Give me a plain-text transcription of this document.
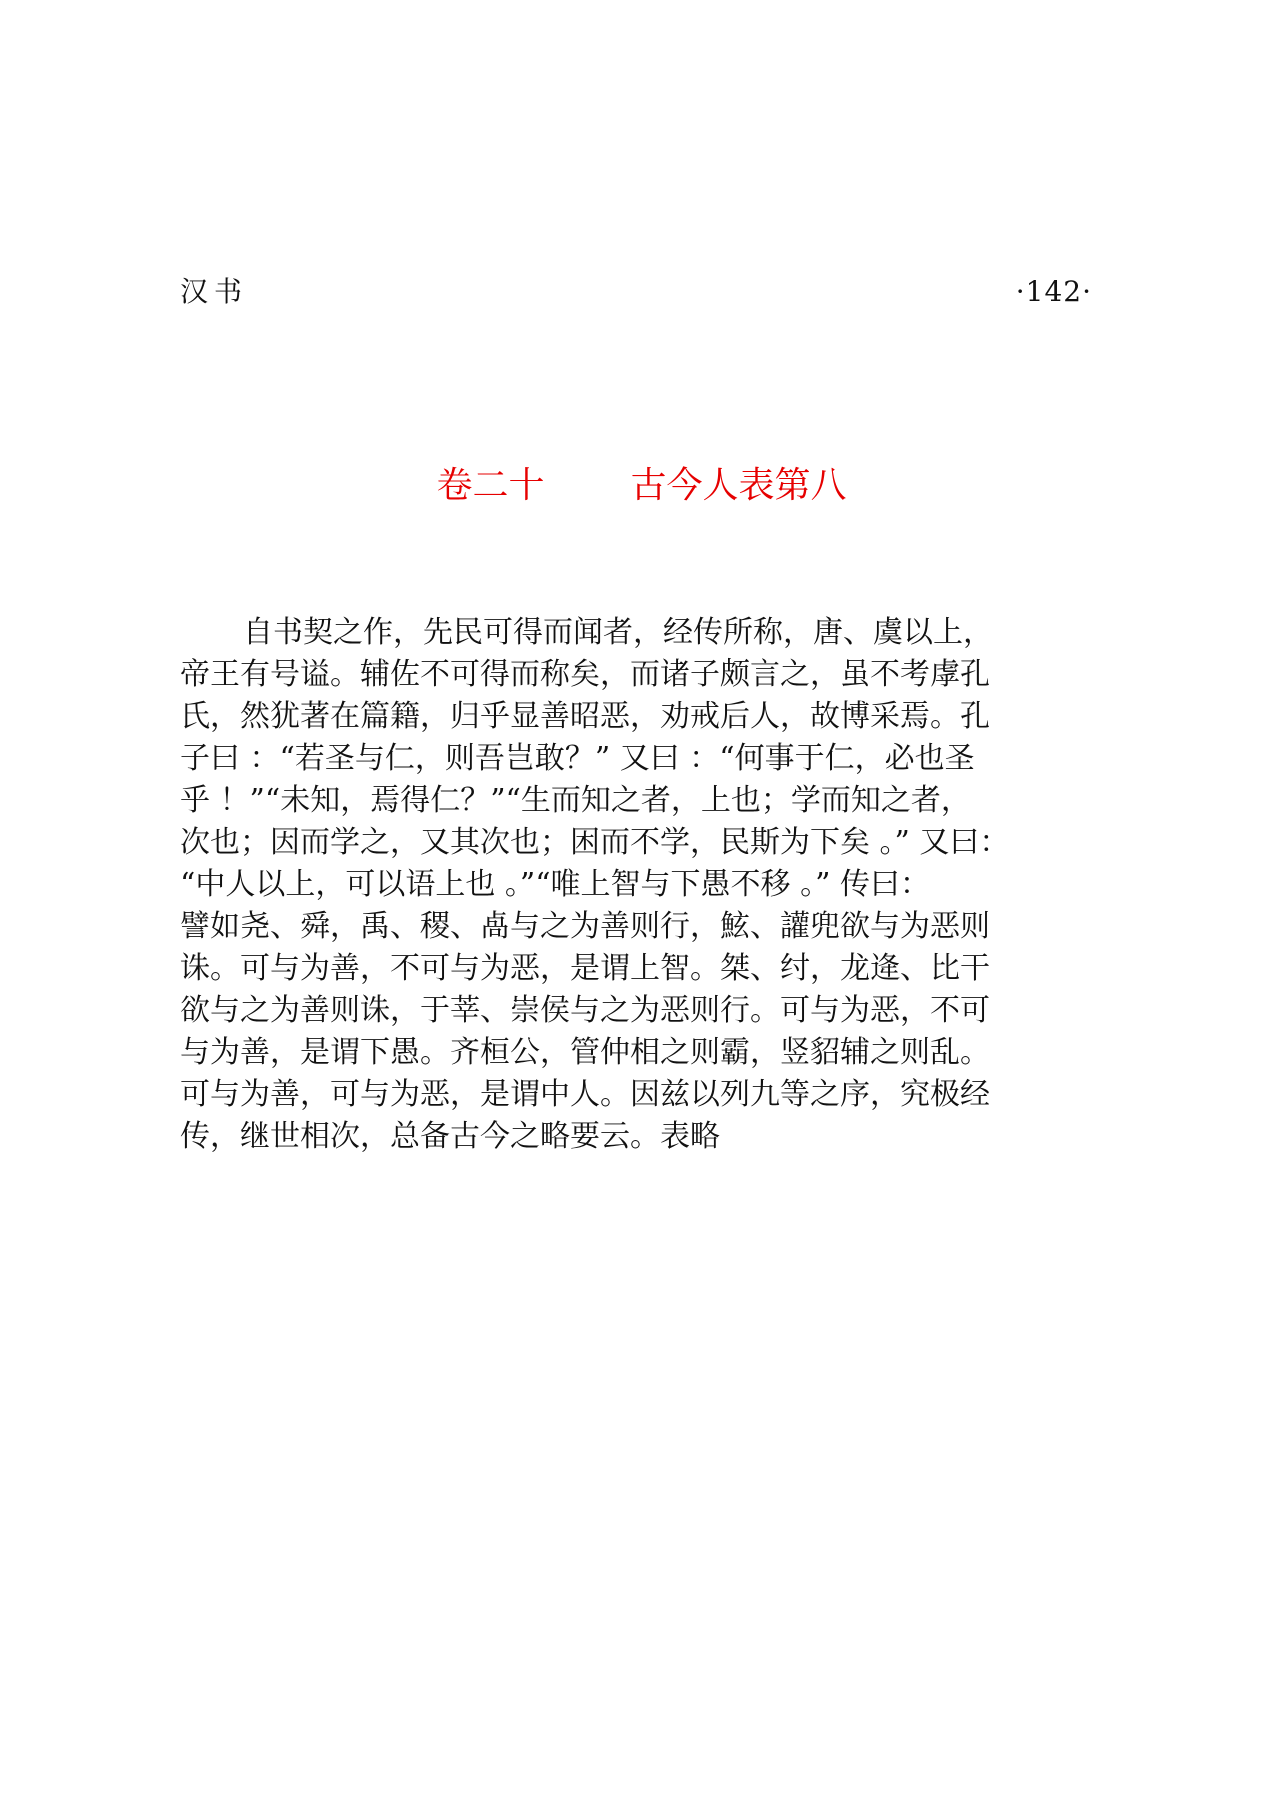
汉书	·142·
卷二十 古今人表第八
自书契之作，先民可得而闻者，经传所称，唐、虞以上，
帝王有号谥。辅佐不可得而称矣，而诸子颇言之，虽不考虖孔
氏，然犹著在篇籍，归乎显善昭恶，劝戒后人，故博采焉。孔
子曰 ：“若圣与仁，则吾岂敢？” 又曰 ：“何事于仁，必也圣
乎 ！”“未知，焉得仁？”“生而知之者，上也；学而知之者，
次也；因而学之，又其次也；困而不学，民斯为下矣 。” 又曰：
“中人以上，可以语上也 。”“唯上智与下愚不移 。” 传曰：
譬如尧、舜，禹、稷、卨与之为善则行，鮌、讙兜欲与为恶则
诛。可与为善，不可与为恶，是谓上智。桀、纣，龙逄、比干
欲与之为善则诛，于莘、崇侯与之为恶则行。可与为恶，不可
与为善，是谓下愚。齐桓公，管仲相之则霸，竖貂辅之则乱。
可与为善，可与为恶，是谓中人。因兹以列九等之序，究极经
传，继世相次，总备古今之略要云。表略
